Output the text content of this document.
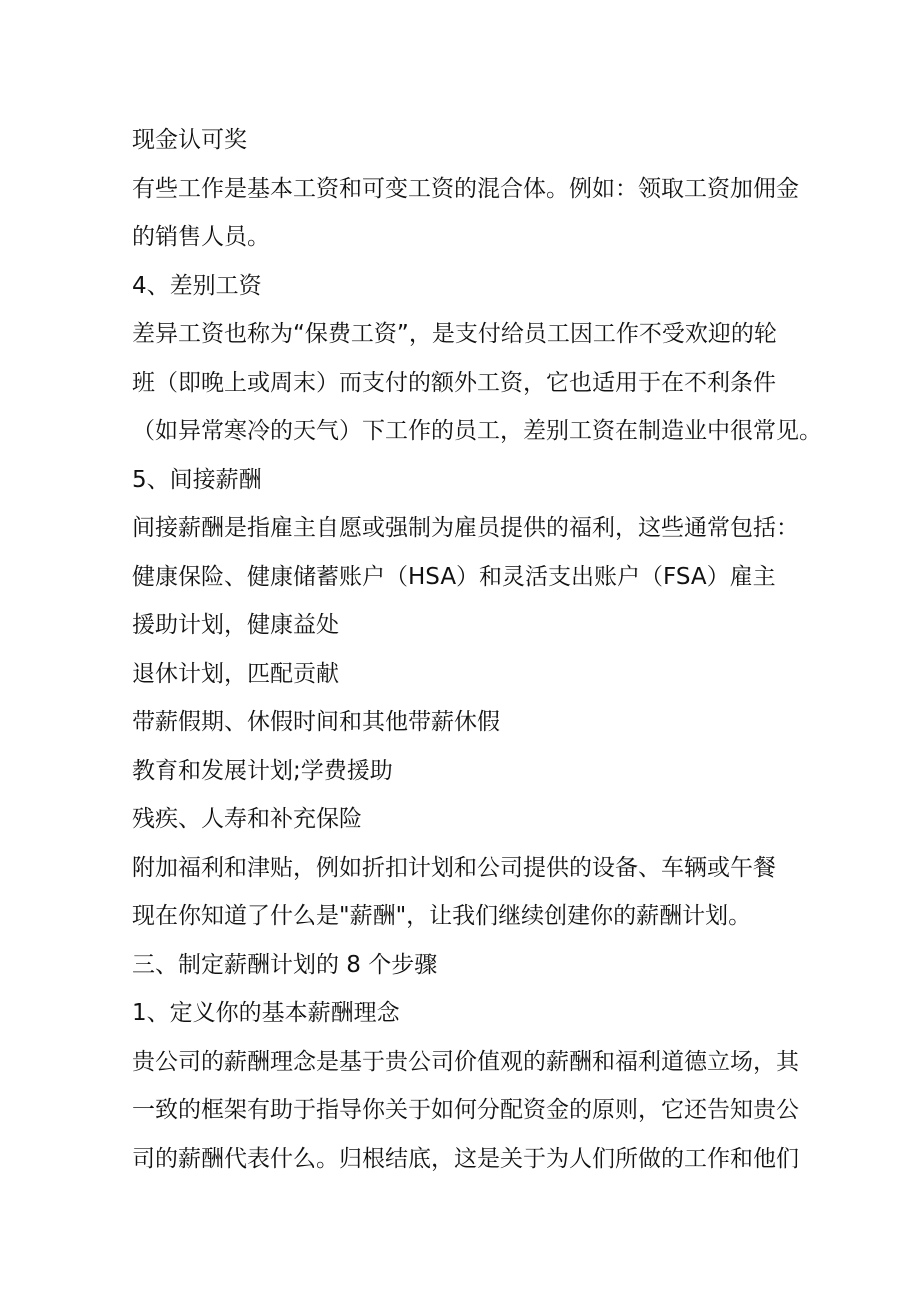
现金认可奖
有些工作是基本工资和可变工资的混合体。例如：领取工资加佣金
的销售人员。
4、差别工资
差异工资也称为“保费工资”，是支付给员工因工作不受欢迎的轮
班（即晚上或周末）而支付的额外工资，它也适用于在不利条件
（如异常寒冷的天气）下工作的员工，差别工资在制造业中很常见。
5、间接薪酬
间接薪酬是指雇主自愿或强制为雇员提供的福利，这些通常包括：
健康保险、健康储蓄账户（HSA）和灵活支出账户（FSA）雇主
援助计划，健康益处
退休计划，匹配贡献
带薪假期、休假时间和其他带薪休假
教育和发展计划;学费援助
残疾、人寿和补充保险
附加福利和津贴，例如折扣计划和公司提供的设备、车辆或午餐
现在你知道了什么是"薪酬"，让我们继续创建你的薪酬计划。
三、制定薪酬计划的 8 个步骤
1、定义你的基本薪酬理念
贵公司的薪酬理念是基于贵公司价值观的薪酬和福利道德立场，其
一致的框架有助于指导你关于如何分配资金的原则，它还告知贵公
司的薪酬代表什么。归根结底，这是关于为人们所做的工作和他们
